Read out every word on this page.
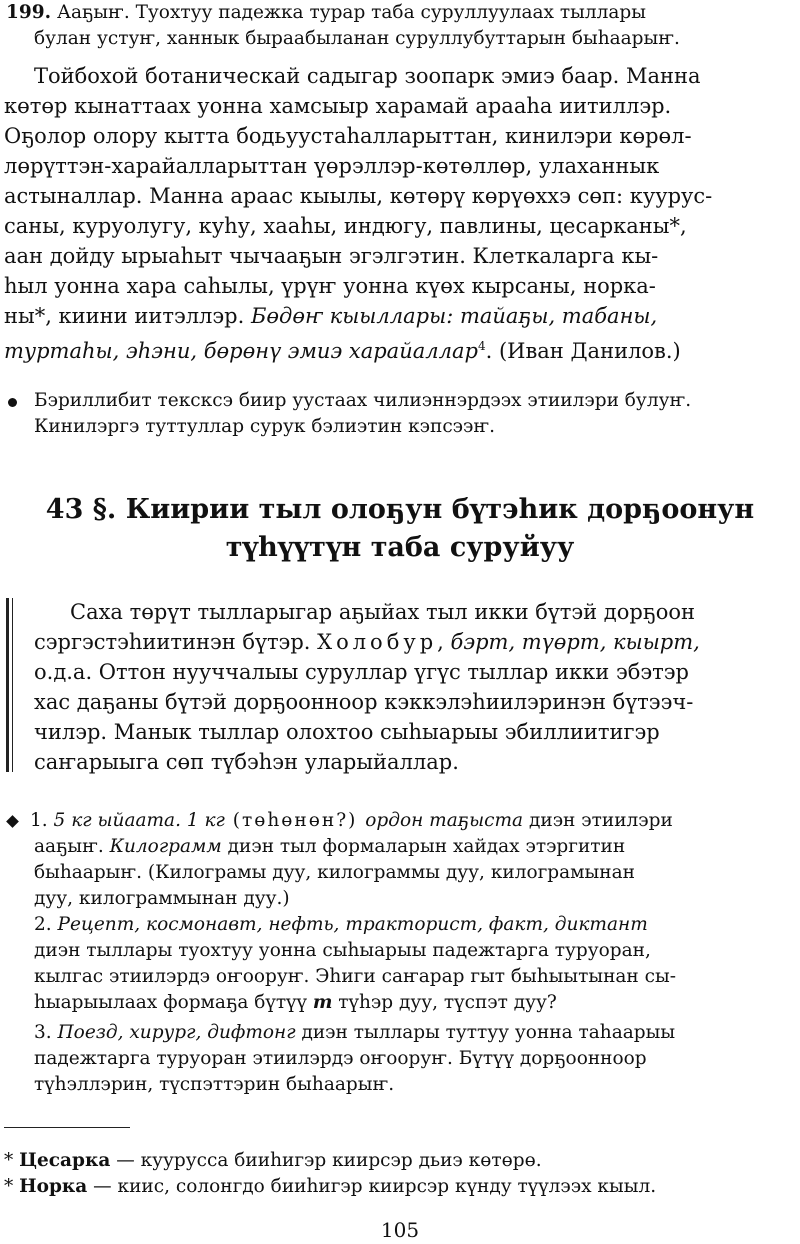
199. Ааҕыҥ. Туохтуу падежка турар таба суруллуулаах тыллары
булан устуҥ, ханнык быраабыланан суруллубуттарын быһаарыҥ.
Тойбохой ботаническай садыгар зоопарк эмиэ баар. Манна
көтөр кынаттаах уонна хамсыыр харамай арааһа иитиллэр.
Оҕолор олору кытта бодьуустаһалларыттан, кинилэри көрөл-
лөрүттэн-харайалларыттан үөрэллэр-көтөллөр, улаханнык
астыналлар. Манна араас кыылы, көтөрү көрүөххэ сөп: куурус-
саны, куруолугу, куһу, хааһы, индюгу, павлины, цесарканы*,
аан дойду ырыаһыт чычааҕын эгэлгэтин. Клеткаларга кы-
һыл уонна хара саһылы, үрүҥ уонна күөх кырсаны, норка-
ны*, киини иитэллэр. Бөдөҥ кыыллары: тайаҕы, табаны,
туртаһы, эһэни, бөрөнү эмиэ харайаллар$^4$. (Иван Данилов.)
Бэриллибит тексксэ биир уустаах чилиэннэрдээх этиилэри булуҥ.
Кинилэргэ туттуллар сурук бэлиэтин кэпсээҥ.
43 §. Киирии тыл олоҕун бүтэһик дорҕоонун
түһүүтүн таба суруйуу
Саха төрүт тылларыгар аҕыйах тыл икки бүтэй дорҕоон
сэргэстэһиитинэн бүтэр. Холобур, бэрт, түөрт, кыырт,
о.д.а. Оттон нууччалыы суруллар үгүс тыллар икки эбэтэр
хас даҕаны бүтэй дорҕоонноор кэккэлэһиилэринэн бүтээч-
чилэр. Манык тыллар олохтоо сыһыарыы эбиллиитигэр
саҥарыыга сөп түбэһэн уларыйаллар.
1. 5 кг ыйаата. 1 кг (төһөнөн?) ордон таҕыста диэн этиилэри
ааҕыҥ. Килограмм диэн тыл формаларын хайдах этэргитин
быһаарыҥ. (Килограмы дуу, килограммы дуу, килограмынан
дуу, килограммынан дуу.)
2. Рецепт, космонавт, нефть, тракторист, факт, диктант
диэн тыллары туохтуу уонна сыһыарыы падежтарга туруоран,
кылгас этиилэрдэ оҥооруҥ. Эһиги саҥарар гыт быһыытынан сы-
һыарыылаах формаҕа бүтүү т түһэр дуу, түспэт дуу?
3. Поезд, хирург, дифтонг диэн тыллары туттуу уонна таһаарыы
падежтарга туруоран этиилэрдэ оҥооруҥ. Бүтүү дорҕоонноор
түһэллэрин, түспэттэрин быһаарыҥ.
* Цесарка — куурусса бииһигэр киирсэр дьиэ көтөрө.
* Норка — киис, солонгдо бииһигэр киирсэр күнду түүлээх кыыл.
105
